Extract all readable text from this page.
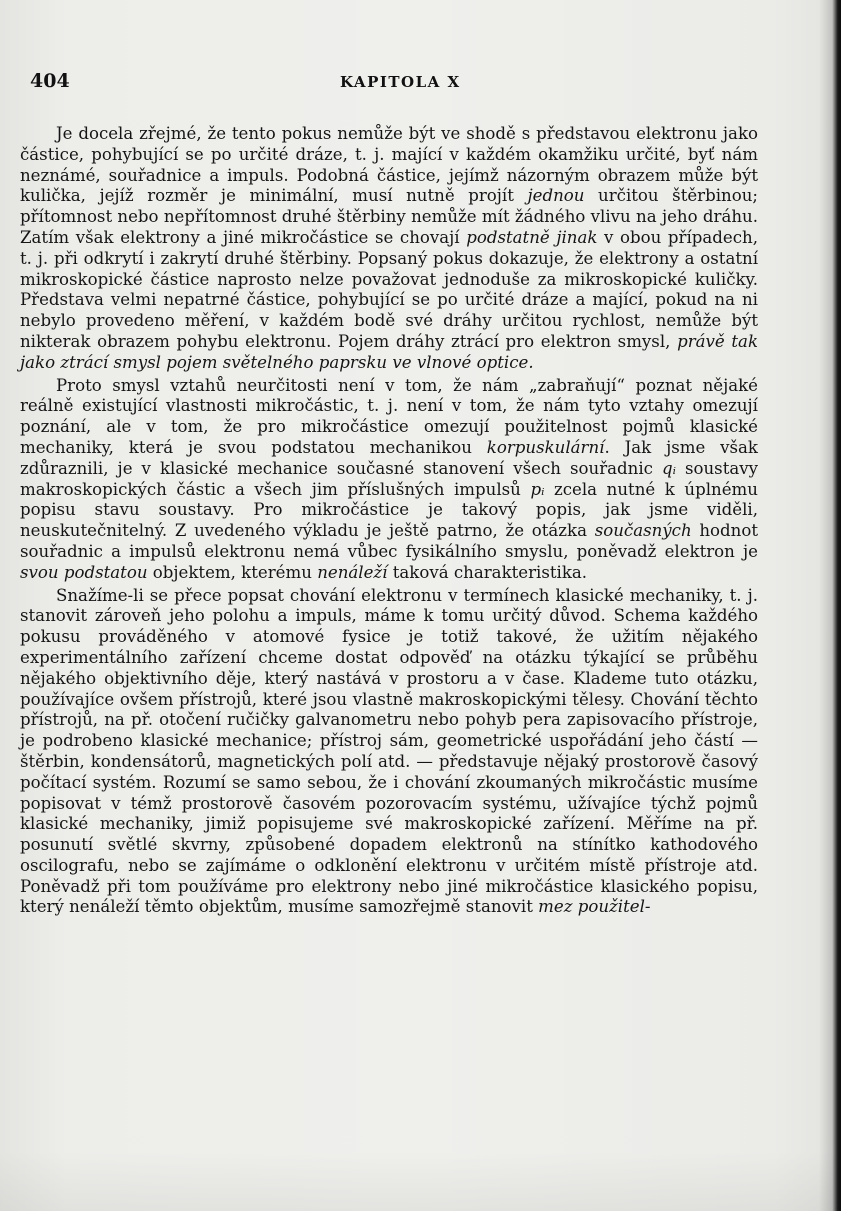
404	KAPITOLA X

Je docela zřejmé, že tento pokus nemůže být ve shodě s představou elektronu jako částice, pohybující se po určité dráze, t. j. mající v každém okamžiku určité, byť nám neznámé, souřadnice a impuls. Podobná částice, jejímž názorným obrazem může být kulička, jejíž rozměr je minimální, musí nutně projít jednou určitou štěrbinou; přítomnost nebo nepřítomnost druhé štěrbiny nemůže mít žádného vlivu na jeho dráhu. Zatím však elektrony a jiné mikročástice se chovají podstatně jinak v obou případech, t. j. při odkrytí i zakrytí druhé štěrbiny. Popsaný pokus dokazuje, že elektrony a ostatní mikroskopické částice naprosto nelze považovat jednoduše za mikroskopické kuličky. Představa velmi nepatrné částice, pohybující se po určité dráze a mající, pokud na ni nebylo provedeno měření, v každém bodě své dráhy určitou rychlost, nemůže být nikterak obrazem pohybu elektronu. Pojem dráhy ztrácí pro elektron smysl, právě tak jako ztrácí smysl pojem světelného paprsku ve vlnové optice.

Proto smysl vztahů neurčitosti není v tom, že nám „zabraňují“ poznat nějaké reálně existující vlastnosti mikročástic, t. j. není v tom, že nám tyto vztahy omezují poznání, ale v tom, že pro mikročástice omezují použitelnost pojmů klasické mechaniky, která je svou podstatou mechanikou korpuskulární. Jak jsme však zdůraznili, je v klasické mechanice současné stanovení všech souřadnic qᵢ soustavy makroskopických částic a všech jim příslušných impulsů pᵢ zcela nutné k úplnému popisu stavu soustavy. Pro mikročástice je takový popis, jak jsme viděli, neuskutečnitelný. Z uvedeného výkladu je ještě patrno, že otázka současných hodnot souřadnic a impulsů elektronu nemá vůbec fysikálního smyslu, poněvadž elektron je svou podstatou objektem, kterému nenáleží taková charakteristika.

Snažíme-li se přece popsat chování elektronu v termínech klasické mechaniky, t. j. stanovit zároveň jeho polohu a impuls, máme k tomu určitý důvod. Schema každého pokusu prováděného v atomové fysice je totiž takové, že užitím nějakého experimentálního zařízení chceme dostat odpověď na otázku týkající se průběhu nějakého objektivního děje, který nastává v prostoru a v čase. Klademe tuto otázku, používajíce ovšem přístrojů, které jsou vlastně makroskopickými tělesy. Chování těchto přístrojů, na př. otočení ručičky galvanometru nebo pohyb pera zapisovacího přístroje, je podrobeno klasické mechanice; přístroj sám, geometrické uspořádání jeho částí — štěrbin, kondensátorů, magnetických polí atd. — představuje nějaký prostorově časový počítací systém. Rozumí se samo sebou, že i chování zkoumaných mikročástic musíme popisovat v témž prostorově časovém pozorovacím systému, užívajíce týchž pojmů klasické mechaniky, jimiž popisujeme své makroskopické zařízení. Měříme na př. posunutí světlé skvrny, způsobené dopadem elektronů na stínítko kathodového oscilografu, nebo se zajímáme o odklonění elektronu v určitém místě přístroje atd. Poněvadž při tom používáme pro elektrony nebo jiné mikročástice klasického popisu, který nenáleží těmto objektům, musíme samozřejmě stanovit mez použitel-
